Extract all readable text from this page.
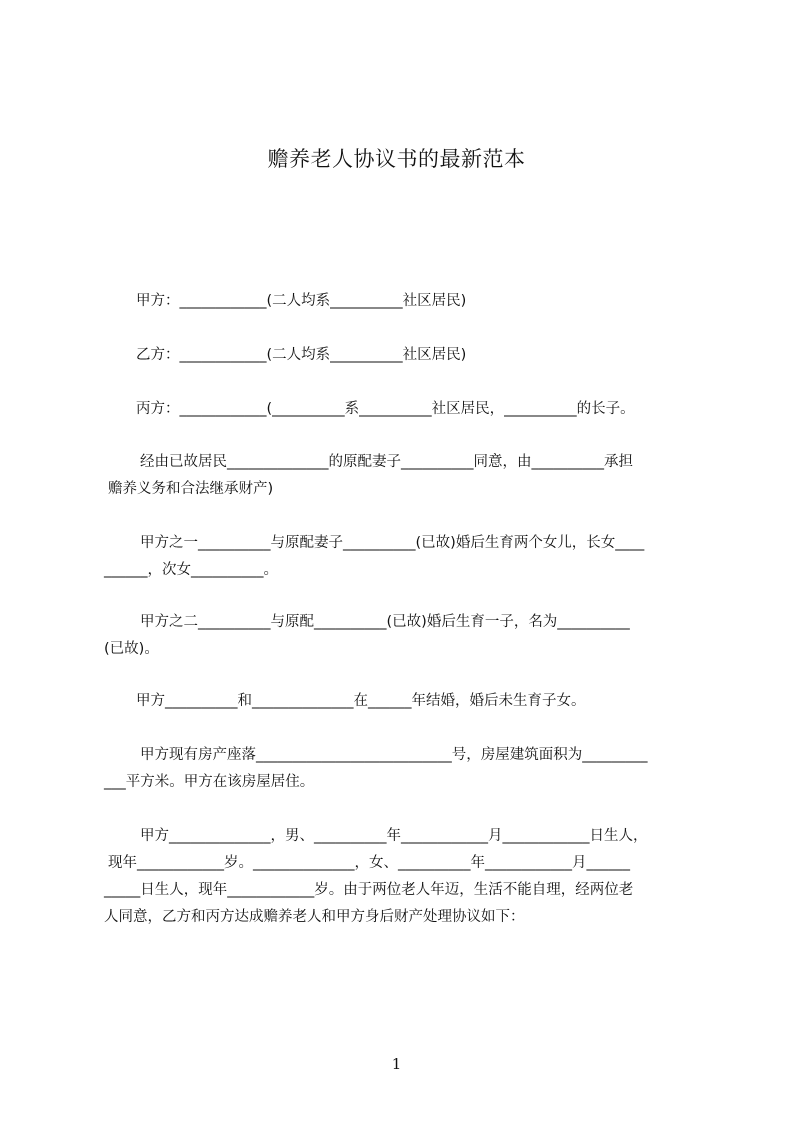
赡养老人协议书的最新范本
甲方：____________(二人均系__________社区居民)
乙方：____________(二人均系__________社区居民)
丙方：____________(__________系__________社区居民，__________的长子。
经由已故居民______________的原配妻子__________同意，由__________承担
赡养义务和合法继承财产)
甲方之一__________与原配妻子__________(已故)婚后生育两个女儿，长女____
______，次女__________。
甲方之二__________与原配__________(已故)婚后生育一子，名为__________
(已故)。
甲方__________和______________在______年结婚，婚后未生育子女。
甲方现有房产座落___________________________号，房屋建筑面积为_________
___平方米。甲方在该房屋居住。
甲方______________，男、__________年____________月____________日生人，
现年____________岁。______________，女、__________年____________月______
_____日生人，现年____________岁。由于两位老人年迈，生活不能自理，经两位老
人同意，乙方和丙方达成赡养老人和甲方身后财产处理协议如下：
1
